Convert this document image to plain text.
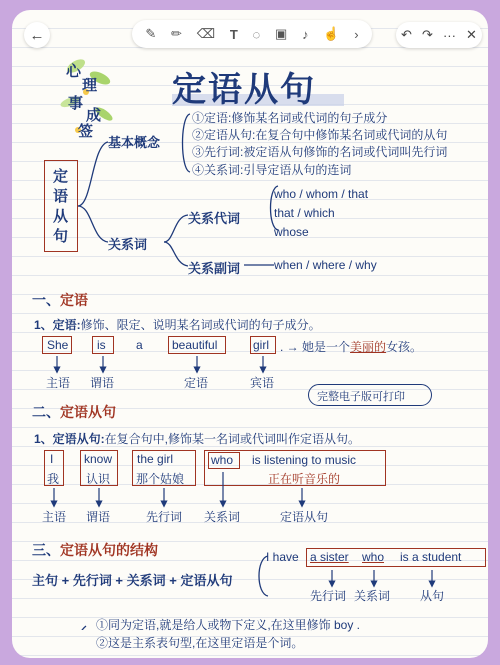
←	✎ ✏ ⌫ T ◌ ▣ ♪ ☝ ›	↶ ↷ ··· ✕
心
理
事
成
签
定语从句
定
语
从
句
基本概念
①定语:修饰某名词或代词的句子成分
②定语从句:在复合句中修饰某名词或代词的从句
③先行词:被定语从句修饰的名词或代词叫先行词
④关系词:引导定语从句的连词
关系词
关系代词
who / whom / that
that / which
whose
关系副词	when / where / why
一、定语
1、定语:修饰、限定、说明某名词或代词的句子成分。
She is	a beautiful	girl . → 她是一个美丽的女孩。
主语 谓语	定语	宾语
完整电子版可打印
二、定语从句
1、定语从句:在复合句中,修饰某一名词或代词叫作定语从句。
I
我
know
认识
the girl
那个姑娘
who is listening to music
正在听音乐的
主语 谓语	先行词 关系词	定语从句
三、定语从句的结构
主句 + 先行词 + 关系词 + 定语从句
I have a sister who is a student
先行词 关系词 从句
①同为定语,就是给人或物下定义,在这里修饰 boy .
②这是主系表句型,在这里定语是个词。
